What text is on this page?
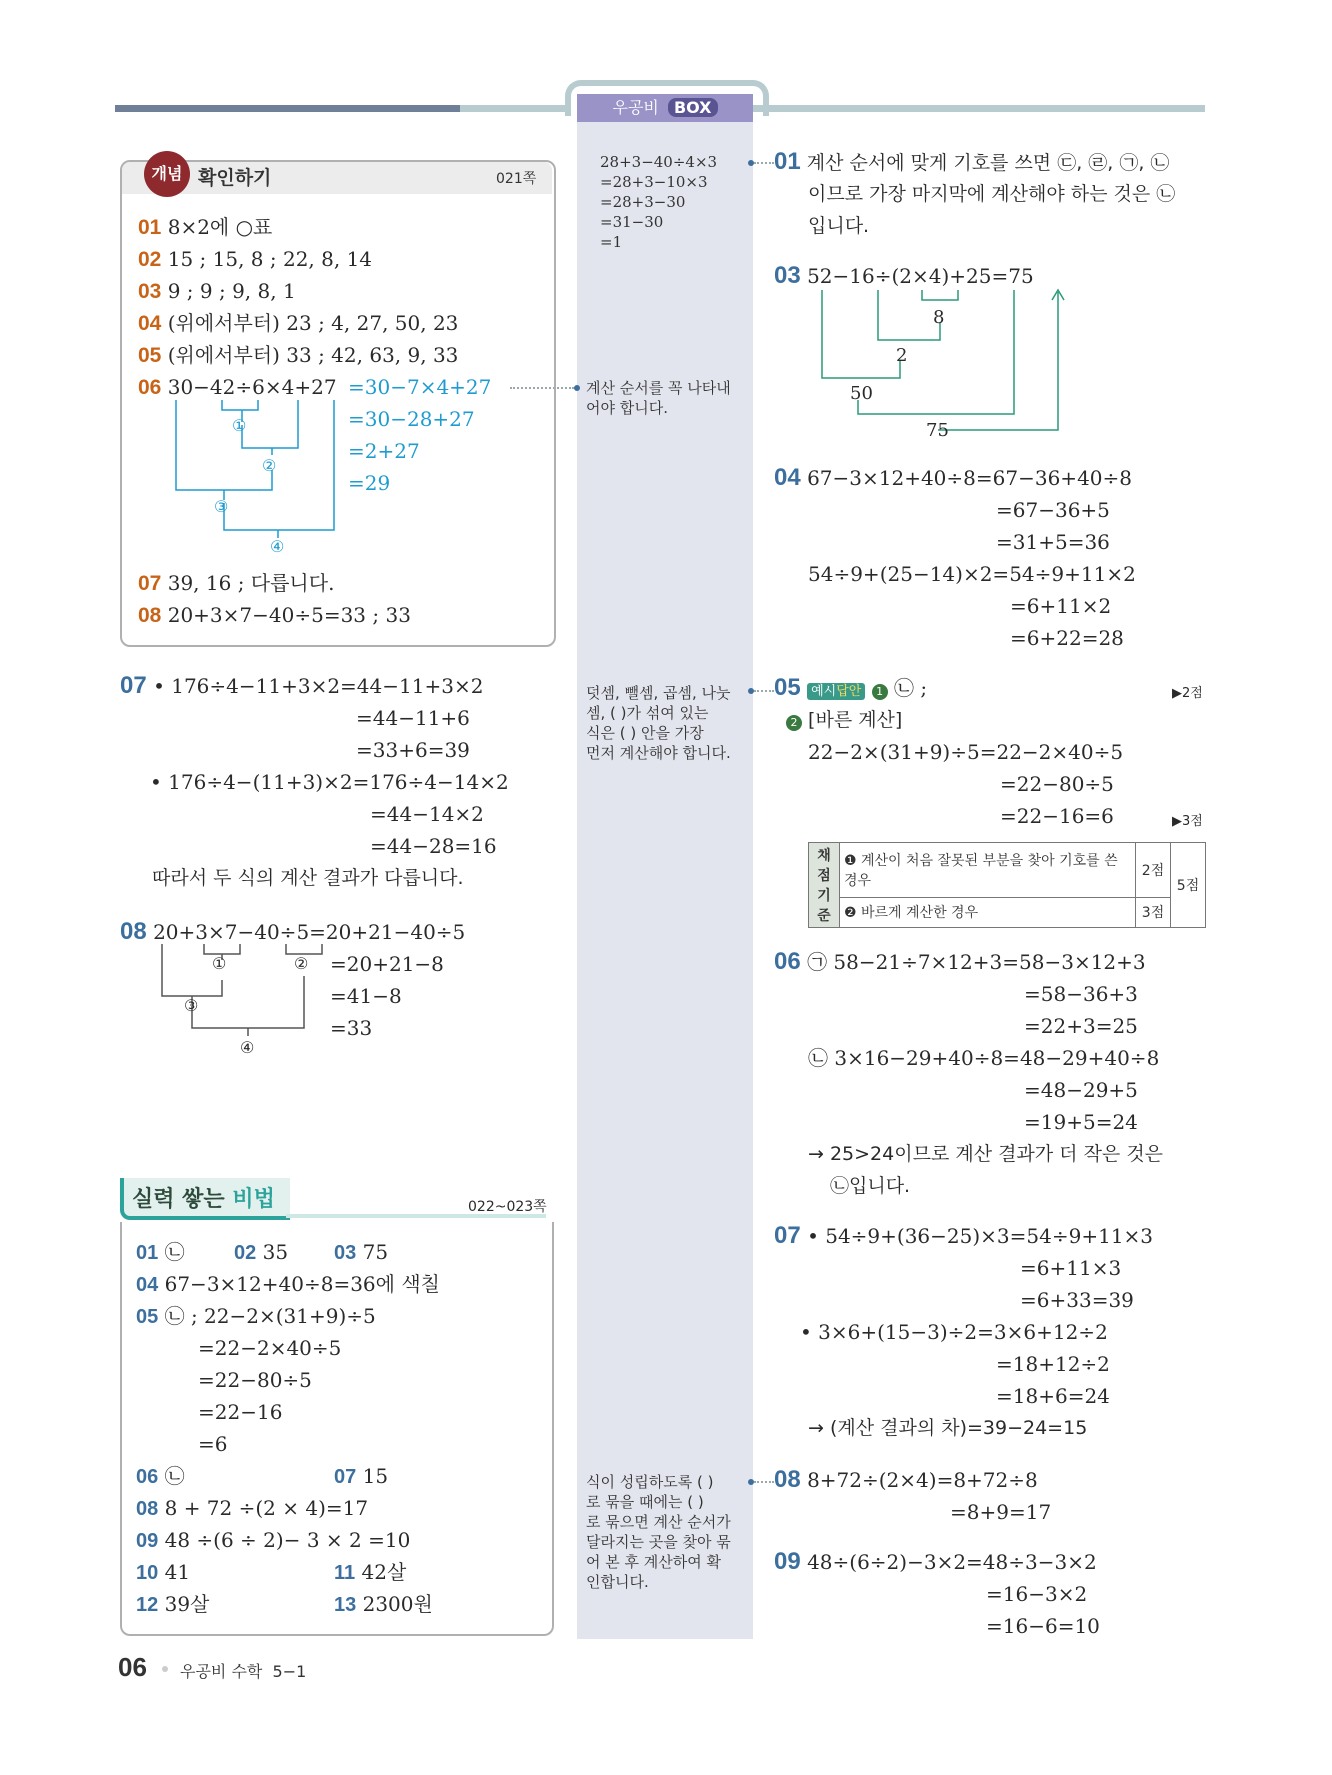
우공비 BOX
28+3−40÷4×3
=28+3−10×3
=28+3−30
=31−30
=1
계산 순서를 꼭 나타내
어야 합니다.
덧셈, 뺄셈, 곱셈, 나눗
셈, ( )가 섞여 있는
식은 ( ) 안을 가장
먼저 계산해야 합니다.
식이 성립하도록 ( )
로 묶을 때에는 ( )
로 묶으면 계산 순서가
달라지는 곳을 찾아 묶
어 본 후 계산하여 확
인합니다.
개념 확인하기	021쪽
01 8×2에 ○표
02 15 ; 15, 8 ; 22, 8, 14
03 9 ; 9 ; 9, 8, 1
04 (위에서부터) 23 ; 4, 27, 50, 23
05 (위에서부터) 33 ; 42, 63, 9, 33
06 30−42÷6×4+27 =30−7×4+27
=30−28+27
=2+27
=29
①
②
③
④
07 39, 16 ; 다릅니다.
08 20+3×7−40÷5=33 ; 33
07 • 176÷4−11+3×2=44−11+3×2
=44−11+6
=33+6=39
• 176÷4−(11+3)×2=176÷4−14×2
=44−14×2
=44−28=16
따라서 두 식의 계산 결과가 다릅니다.
08 20+3×7−40÷5=20+21−40÷5
=20+21−8
=41−8
=33
①	②
③
④
실력 쌓는 비법	022~023쪽
01 ㉡ 02 35 03 75
04 67−3×12+40÷8=36에 색칠
05 ㉡ ; 22−2×(31+9)÷5
=22−2×40÷5
=22−80÷5
=22−16
=6
06 ㉡	07 15
08 8 + 72 ÷(2 × 4)=17
09 48 ÷(6 ÷ 2)− 3 × 2 =10
10 41	11 42살
12 39살	13 2300원
01 계산 순서에 맞게 기호를 쓰면 ㉢, ㉣, ㉠, ㉡
이므로 가장 마지막에 계산해야 하는 것은 ㉡
입니다.
03 52−16÷(2×4)+25=75
8
2
50
75
04 67−3×12+40÷8=67−36+40÷8
=67−36+5
=31+5=36
54÷9+(25−14)×2=54÷9+11×2
=6+11×2
=6+22=28
05 예시답안 1 ㉡ ;	▶2점
2 [바른 계산]
22−2×(31+9)÷5=22−2×40÷5
=22−80÷5
=22−16=6	▶3점
채점 기준	❶ 계산이 처음 잘못된 부분을 찾아 기호를 쓴 경우	2점	5점
	❷ 바르게 계산한 경우	3점	
06 ㉠ 58−21÷7×12+3=58−3×12+3
=58−36+3
=22+3=25
㉡ 3×16−29+40÷8=48−29+40÷8
=48−29+5
=19+5=24
→ 25>24이므로 계산 결과가 더 작은 것은
㉡입니다.
07 • 54÷9+(36−25)×3=54÷9+11×3
=6+11×3
=6+33=39
• 3×6+(15−3)÷2=3×6+12÷2
=18+12÷2
=18+6=24
→ (계산 결과의 차)=39−24=15
08 8+72÷(2×4)=8+72÷8
=8+9=17
09 48÷(6÷2)−3×2=48÷3−3×2
=16−3×2
=16−6=10
06 우공비 수학  5−1
